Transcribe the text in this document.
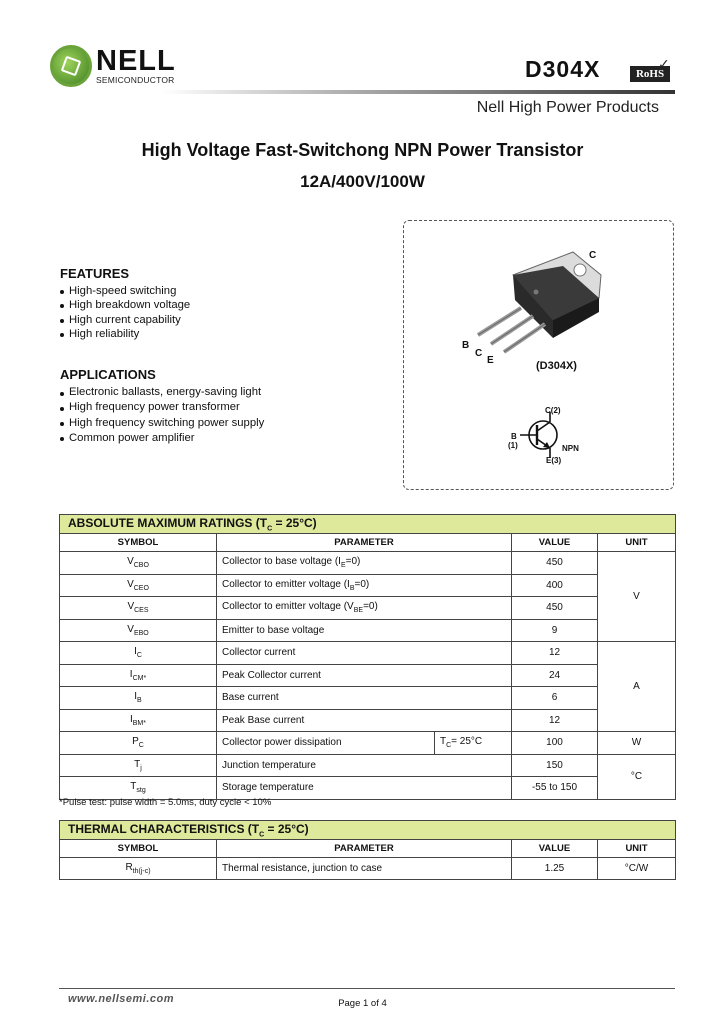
NELL
SEMICONDUCTOR	D304X	RoHS
✓
Nell High Power Products
High Voltage Fast-Switchong NPN Power Transistor
12A/400V/100W
FEATURES
High-speed switching
High breakdown voltage
High current capability
High reliability
APPLICATIONS
Electronic ballasts, energy-saving light
High frequency power transformer
High frequency switching power supply
Common power amplifier
C
B
C
E	(D304X)
C(2)
B
(1)
E(3)
NPN
ABSOLUTE MAXIMUM RATINGS $(T_C = 25^\circ C)$				
SYMBOL	PARAMETER		VALUE	UNIT
$V_{CBO}$	Collector to base voltage $(I_E=0)$		450	V
$V_{CEO}$	Collector to emitter voltage $(I_B=0)$		400	
$V_{CES}$	Collector to emitter voltage $(V_{BE}=0)$		450	
$V_{EBO}$	Emitter to base voltage		9	
$I_C$	Collector current		12	A
$I_{CM*}$	Peak Collector current		24	
$I_B$	Base current		6	
$I_{BM*}$	Peak Base current		12	
$P_C$	Collector power dissipation	$T_C= 25^\circ C$	100	W
$T_j$	Junction temperature		150	°C
$T_{stg}$	Storage temperature		-55 to 150	
*Pulse test: pulse width = 5.0ms, duty cycle < 10%
THERMAL CHARACTERISTICS $(T_C = 25^\circ C)$			
SYMBOL	PARAMETER	VALUE	UNIT
$R_{th(j-c)}$	Thermal resistance, junction to case	1.25	°C/W
www.nellsemi.com	Page 1 of 4
